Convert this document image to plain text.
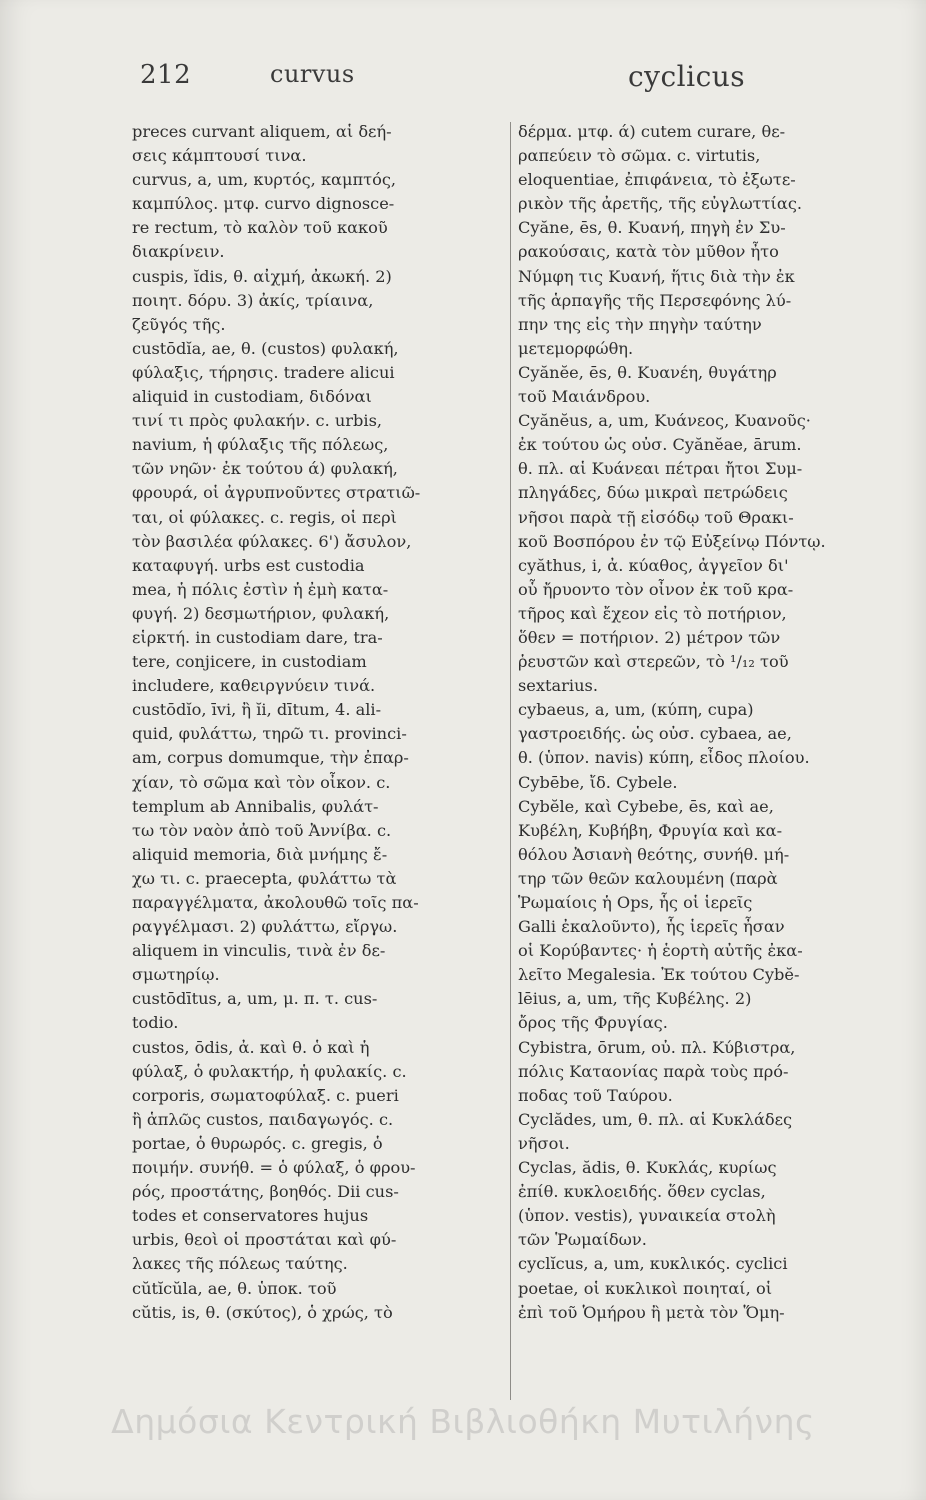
212	curvus	cyclicus
preces curvant aliquem, αἱ δεή-
σεις κάμπτουσί τινα.
curvus, a, um, κυρτός, καμπτός,
καμπύλος. μτφ. curvo dignosce-
re rectum, τὸ καλὸν τοῦ κακοῦ
διακρίνειν.
cuspis, ĭdis, θ. αἰχμή, ἀκωκή. 2)
ποιητ. δόρυ. 3) ἀκίς, τρίαινα,
ζεῦγός τῆς.
custōdĭa, ae, θ. (custos) φυλακή,
φύλαξις, τήρησις. tradere alicui
aliquid in custodiam, διδόναι
τινί τι πρὸς φυλακήν. c. urbis,
navium, ἡ φύλαξις τῆς πόλεως,
τῶν νηῶν· ἐκ τούτου ά) φυλακή,
φρουρά, οἱ ἀγρυπνοῦντες στρατιῶ-
ται, οἱ φύλακες. c. regis, οἱ περὶ
τὸν βασιλέα φύλακες. 6') ἄσυλον,
καταφυγή. urbs est custodia
mea, ἡ πόλις ἐστὶν ἡ ἐμὴ κατα-
φυγή. 2) δεσμωτήριον, φυλακή,
εἱρκτή. in custodiam dare, tra-
tere, conjicere, in custodiam
includere, καθειργνύειν τινά.
custōdĭo, īvi, ἢ ĭi, dītum, 4. ali-
quid, φυλάττω, τηρῶ τι. provinci-
am, corpus domumque, τὴν ἐπαρ-
χίαν, τὸ σῶμα καὶ τὸν οἶκον. c.
templum ab Annibalis, φυλάτ-
τω τὸν ναὸν ἀπὸ τοῦ Ἀννίβα. c.
aliquid memoria, διὰ μνήμης ἔ-
χω τι. c. praecepta, φυλάττω τὰ
παραγγέλματα, ἀκολουθῶ τοῖς πα-
ραγγέλμασι. 2) φυλάττω, εἴργω.
aliquem in vinculis, τινὰ ἐν δε-
σμωτηρίῳ.
custōdītus, a, um, μ. π. τ. cus-
todio.
custos, ōdis, ἀ. καὶ θ. ὁ καὶ ἡ
φύλαξ, ὁ φυλακτήρ, ἡ φυλακίς. c.
corporis, σωματοφύλαξ. c. pueri
ἢ ἁπλῶς custos, παιδαγωγός. c.
portae, ὁ θυρωρός. c. gregis, ὁ
ποιμήν. συνήθ. = ὁ φύλαξ, ὁ φρου-
ρός, προστάτης, βοηθός. Dii cus-
todes et conservatores hujus
urbis, θεοὶ οἱ προστάται καὶ φύ-
λακες τῆς πόλεως ταύτης.
cŭtĭcŭla, ae, θ. ὑποκ. τοῦ
cŭtis, is, θ. (σκύτος), ὁ χρώς, τὸ
δέρμα. μτφ. ά) cutem curare, θε-
ραπεύειν τὸ σῶμα. c. virtutis,
eloquentiae, ἐπιφάνεια, τὸ ἐξωτε-
ρικὸν τῆς ἀρετῆς, τῆς εὐγλωττίας.
Cyăne, ēs, θ. Κυανή, πηγὴ ἐν Συ-
ρακούσαις, κατὰ τὸν μῦθον ἦτο
Νύμφη τις Κυανή, ἥτις διὰ τὴν ἐκ
τῆς ἁρπαγῆς τῆς Περσεφόνης λύ-
πην της εἰς τὴν πηγὴν ταύτην
μετεμορφώθη.
Cyănĕe, ēs, θ. Κυανέη, θυγάτηρ
τοῦ Μαιάνδρου.
Cyănĕus, a, um, Κυάνεος, Κυανοῦς·
ἐκ τούτου ὡς οὐσ. Cyănĕae, ārum.
θ. πλ. αἱ Κυάνεαι πέτραι ἤτοι Συμ-
πληγάδες, δύω μικραὶ πετρώδεις
νῆσοι παρὰ τῇ εἰσόδῳ τοῦ Θρακι-
κοῦ Βοσπόρου ἐν τῷ Εὐξείνῳ Πόντῳ.
cyăthus, i, ἀ. κύαθος, ἀγγεῖον δι'
οὗ ἤρυοντο τὸν οἶνον ἐκ τοῦ κρα-
τῆρος καὶ ἔχεον εἰς τὸ ποτήριον,
ὅθεν = ποτήριον. 2) μέτρον τῶν
ῥευστῶν καὶ στερεῶν, τὸ ¹/₁₂ τοῦ
sextarius.
cybaeus, a, um, (κύπη, cupa)
γαστροειδής. ὡς οὐσ. cybaea, ae,
θ. (ὑπον. navis) κύπη, εἶδος πλοίου.
Cybēbe, ἴδ. Cybele.
Cybĕle, καὶ Cybebe, ēs, καὶ ae,
Κυβέλη, Κυβήβη, Φρυγία καὶ κα-
θόλου Ἀσιανὴ θεότης, συνήθ. μή-
τηρ τῶν θεῶν καλουμένη (παρὰ
Ῥωμαίοις ἡ Ops, ἧς οἱ ἱερεῖς
Galli ἐκαλοῦντο), ἧς ἱερεῖς ἦσαν
οἱ Κορύβαντες· ἡ ἑορτὴ αὐτῆς ἐκα-
λεῖτο Megalesia. Ἐκ τούτου Cybĕ-
lēius, a, um, τῆς Κυβέλης. 2)
ὄρος τῆς Φρυγίας.
Cybistra, ōrum, οὐ. πλ. Κύβιστρα,
πόλις Καταονίας παρὰ τοὺς πρό-
ποδας τοῦ Ταύρου.
Cyclădes, um, θ. πλ. αἱ Κυκλάδες
νῆσοι.
Cyclas, ădis, θ. Κυκλάς, κυρίως
ἐπίθ. κυκλοειδής. ὅθεν cyclas,
(ὑπον. vestis), γυναικεία στολὴ
τῶν Ῥωμαίδων.
cyclĭcus, a, um, κυκλικός. cyclici
poetae, οἱ κυκλικοὶ ποιηταί, οἱ
ἐπὶ τοῦ Ὁμήρου ἢ μετὰ τὸν Ὅμη-
Δημόσια Κεντρική Βιβλιοθήκη Μυτιλήνης
